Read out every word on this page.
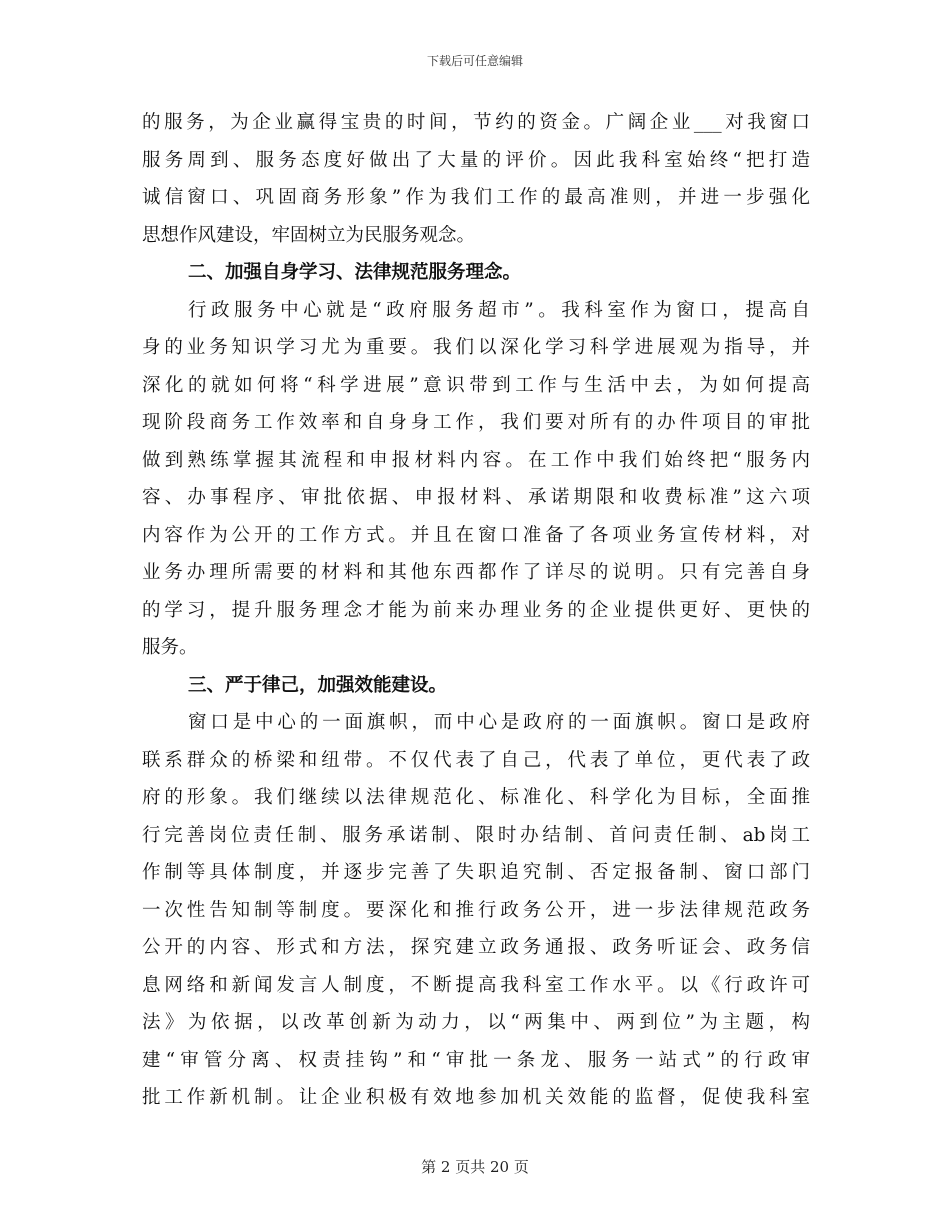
下载后可任意编辑
的服务，为企业赢得宝贵的时间，节约的资金。广阔企业___对我窗口
服务周到、服务态度好做出了大量的评价。因此我科室始终“把打造
诚信窗口、巩固商务形象”作为我们工作的最高准则，并进一步强化
思想作风建设，牢固树立为民服务观念。
二、加强自身学习、法律规范服务理念。
行政服务中心就是“政府服务超市”。我科室作为窗口，提高自
身的业务知识学习尤为重要。我们以深化学习科学进展观为指导，并
深化的就如何将“科学进展”意识带到工作与生活中去，为如何提高
现阶段商务工作效率和自身身工作，我们要对所有的办件项目的审批
做到熟练掌握其流程和申报材料内容。在工作中我们始终把“服务内
容、办事程序、审批依据、申报材料、承诺期限和收费标准”这六项
内容作为公开的工作方式。并且在窗口准备了各项业务宣传材料，对
业务办理所需要的材料和其他东西都作了详尽的说明。只有完善自身
的学习，提升服务理念才能为前来办理业务的企业提供更好、更快的
服务。
三、严于律己，加强效能建设。
窗口是中心的一面旗帜，而中心是政府的一面旗帜。窗口是政府
联系群众的桥梁和纽带。不仅代表了自己，代表了单位，更代表了政
府的形象。我们继续以法律规范化、标准化、科学化为目标，全面推
行完善岗位责任制、服务承诺制、限时办结制、首问责任制、ab岗工
作制等具体制度，并逐步完善了失职追究制、否定报备制、窗口部门
一次性告知制等制度。要深化和推行政务公开，进一步法律规范政务
公开的内容、形式和方法，探究建立政务通报、政务听证会、政务信
息网络和新闻发言人制度，不断提高我科室工作水平。以《行政许可
法》为依据，以改革创新为动力，以“两集中、两到位”为主题，构
建“审管分离、权责挂钩”和“审批一条龙、服务一站式”的行政审
批工作新机制。让企业积极有效地参加机关效能的监督，促使我科室
第 2 页共 20 页
